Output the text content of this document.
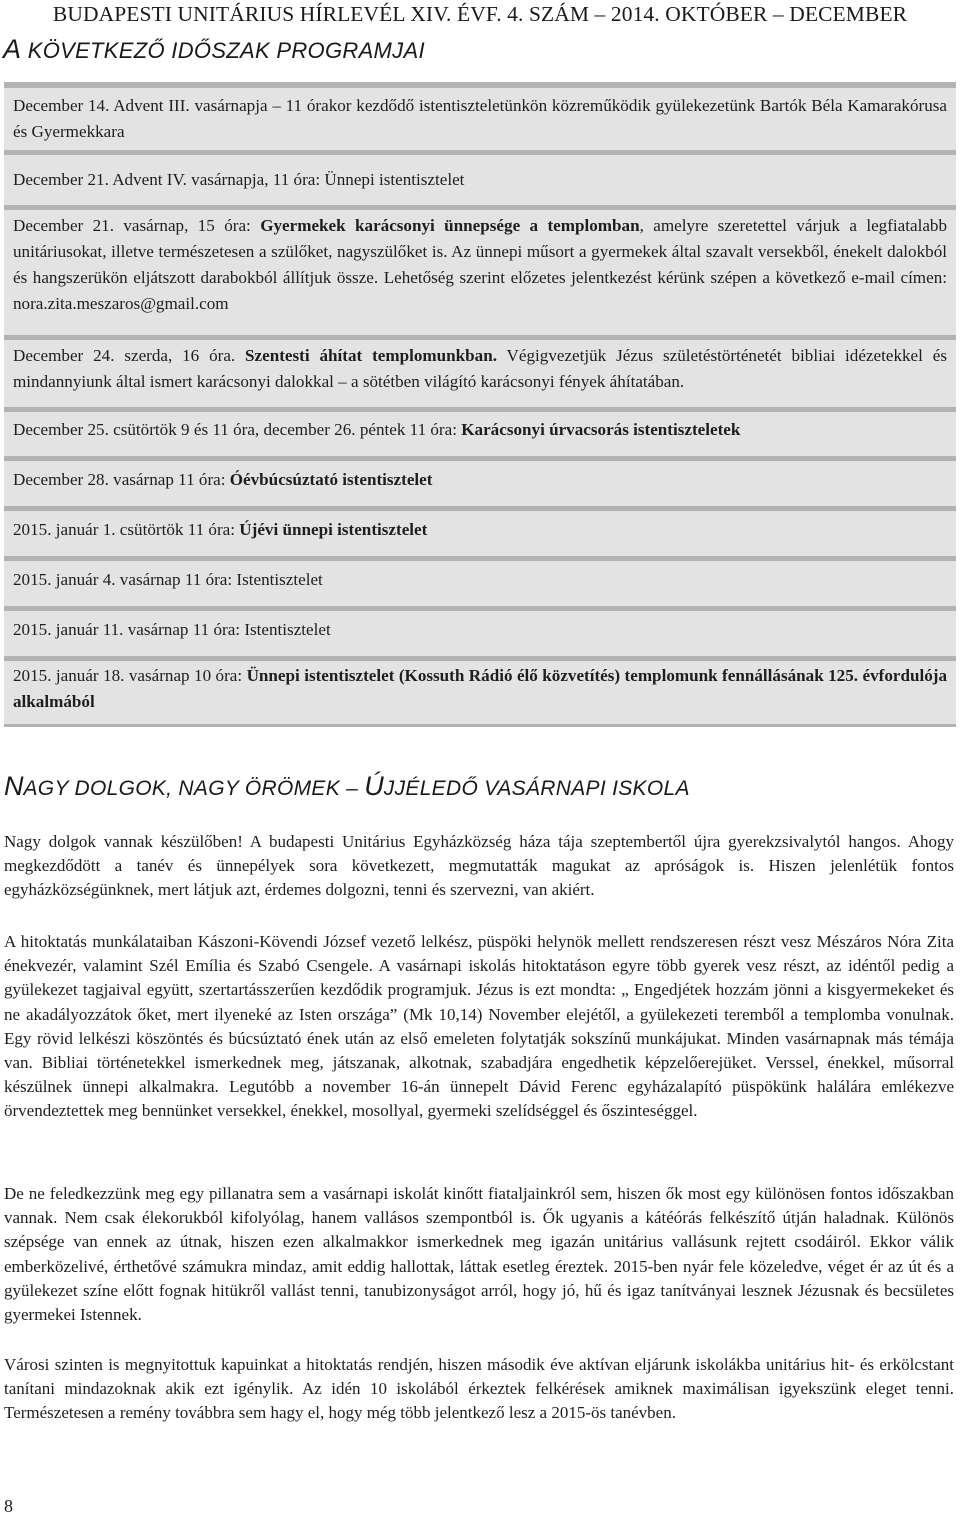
BUDAPESTI UNITÁRIUS HÍRLEVÉL XIV. ÉVF. 4. SZÁM – 2014. OKTÓBER – DECEMBER
A KÖVETKEZŐ IDŐSZAK PROGRAMJAI
December 14. Advent III. vasárnapja – 11 órakor kezdődő istentiszteletünkön közreműködik gyülekezetünk Bartók Béla Kamarakórusa és Gyermekkara
December 21. Advent IV. vasárnapja, 11 óra: Ünnepi istentisztelet
December 21. vasárnap, 15 óra: Gyermekek karácsonyi ünnepsége a templomban, amelyre szeretettel várjuk a legfiatalabb unitáriusokat, illetve természetesen a szülőket, nagyszülőket is. Az ünnepi műsort a gyermekek által szavalt versekből, énekelt dalokból és hangszerükön eljátszott darabokból állítjuk össze. Lehetőség szerint előzetes jelentkezést kérünk szépen a következő e-mail címen: nora.zita.meszaros@gmail.com
December 24. szerda, 16 óra. Szentesti áhítat templomunkban. Végigvezetjük Jézus születéstörténetét bibliai idézetekkel és mindannyiunk által ismert karácsonyi dalokkal – a sötétben világító karácsonyi fények áhítatában.
December 25. csütörtök 9 és 11 óra, december 26. péntek 11 óra: Karácsonyi úrvacsorás istentiszteletek
December 28. vasárnap 11 óra: Óévbúcsúztató istentisztelet
2015. január 1. csütörtök 11 óra: Újévi ünnepi istentisztelet
2015. január 4. vasárnap 11 óra: Istentisztelet
2015. január 11. vasárnap 11 óra: Istentisztelet
2015. január 18. vasárnap 10 óra: Ünnepi istentisztelet (Kossuth Rádió élő közvetítés) templomunk fennállásának 125. évfordulója alkalmából
NAGY DOLGOK, NAGY ÖRÖMEK – ÚJJÉLEDŐ VASÁRNAPI ISKOLA
Nagy dolgok vannak készülőben! A budapesti Unitárius Egyházközség háza tája szeptembertől újra gyerekzsivalytól hangos. Ahogy megkezdődött a tanév és ünnepélyek sora következett, megmutatták magukat az apróságok is. Hiszen jelenlétük fontos egyházközségünknek, mert látjuk azt, érdemes dolgozni, tenni és szervezni, van akiért.
A hitoktatás munkálataiban Kászoni-Kövendi József vezető lelkész, püspöki helynök mellett rendszeresen részt vesz Mészáros Nóra Zita énekvezér, valamint Szél Emília és Szabó Csengele. A vasárnapi iskolás hitoktatáson egyre több gyerek vesz részt, az idéntől pedig a gyülekezet tagjaival együtt, szertartásszerűen kezdődik programjuk. Jézus is ezt mondta: „ Engedjétek hozzám jönni a kisgyermekeket és ne akadályozzátok őket, mert ilyeneké az Isten országa” (Mk 10,14) November elejétől, a gyülekezeti teremből a templomba vonulnak. Egy rövid lelkészi köszöntés és búcsúztató ének után az első emeleten folytatják sokszínű munkájukat. Minden vasárnapnak más témája van. Bibliai történetekkel ismerkednek meg, játszanak, alkotnak, szabadjára engedhetik képzelőerejüket. Verssel, énekkel, műsorral készülnek ünnepi alkalmakra. Legutóbb a november 16-án ünnepelt Dávid Ferenc egyházalapító püspökünk halálára emlékezve örvendeztettek meg bennünket versekkel, énekkel, mosollyal, gyermeki szelídséggel és őszinteséggel.
De ne feledkezzünk meg egy pillanatra sem a vasárnapi iskolát kinőtt fiataljainkról sem, hiszen ők most egy különösen fontos időszakban vannak. Nem csak élekorukból kifolyólag, hanem vallásos szempontból is. Ők ugyanis a kátéórás felkészítő útján haladnak. Különös szépsége van ennek az útnak, hiszen ezen alkalmakkor ismerkednek meg igazán unitárius vallásunk rejtett csodáiról. Ekkor válik emberközelivé, érthetővé számukra mindaz, amit eddig hallottak, láttak esetleg éreztek. 2015-ben nyár fele közeledve, véget ér az út és a gyülekezet színe előtt fognak hitükről vallást tenni, tanubizonyságot arról, hogy jó, hű és igaz tanítványai lesznek Jézusnak és becsületes gyermekei Istennek.
Városi szinten is megnyitottuk kapuinkat a hitoktatás rendjén, hiszen második éve aktívan eljárunk iskolákba unitárius hit- és erkölcstant tanítani mindazoknak akik ezt igénylik. Az idén 10 iskolából érkeztek felkérések amiknek maximálisan igyekszünk eleget tenni. Természetesen a remény továbbra sem hagy el, hogy még több jelentkező lesz a 2015-ös tanévben.
8
